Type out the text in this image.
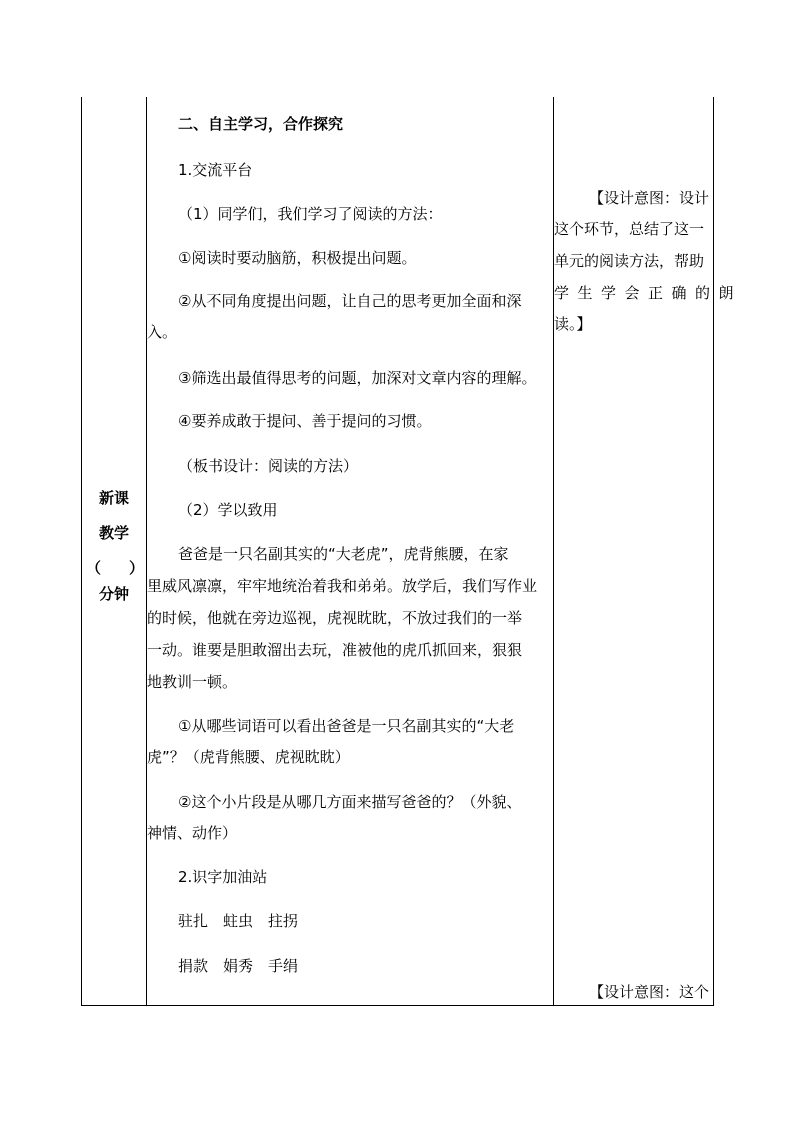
新课
教学
（ ）
分钟
二、自主学习，合作探究
1.交流平台
（1）同学们，我们学习了阅读的方法：
①阅读时要动脑筋，积极提出问题。
②从不同角度提出问题，让自己的思考更加全面和深
入。
③筛选出最值得思考的问题，加深对文章内容的理解。
④要养成敢于提问、善于提问的习惯。
（板书设计：阅读的方法）
（2）学以致用
爸爸是一只名副其实的“大老虎”，虎背熊腰，在家
里威风凛凛，牢牢地统治着我和弟弟。放学后，我们写作业
的时候，他就在旁边巡视，虎视眈眈，不放过我们的一举
一动。谁要是胆敢溜出去玩，准被他的虎爪抓回来，狠狠
地教训一顿。
①从哪些词语可以看出爸爸是一只名副其实的“大老
虎”？（虎背熊腰、虎视眈眈）
②这个小片段是从哪几方面来描写爸爸的？（外貌、
神情、动作）
2.识字加油站
驻扎　蛀虫　拄拐
捐款　娟秀　手绢
【设计意图：设计
这个环节，总结了这一
单元的阅读方法，帮助
学生学会正确的朗
读。】
【设计意图：这个
